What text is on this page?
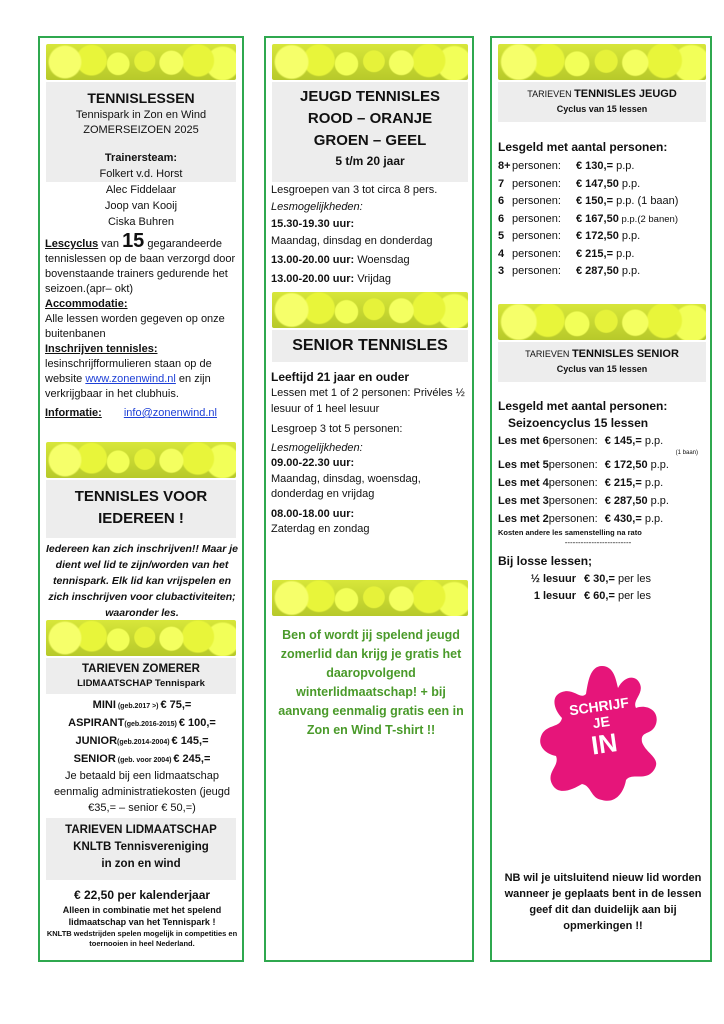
TENNISLESSEN
Tennispark in Zon en Wind
ZOMERSEIZOEN 2025
Trainersteam:
Folkert v.d. Horst
Alec Fiddelaar
Joop van Kooij
Ciska Buhren
Lescyclus van 15 gegarandeerde tennislessen op de baan verzorgd door bovenstaande trainers gedurende het seizoen.(apr– okt)
Accommodatie:
Alle lessen worden gegeven op onze buitenbanen
Inschrijven tennisles:
lesinschrijfformulieren staan op de website www.zonenwind.nl en zijn verkrijgbaar in het clubhuis.
Informatie: info@zonenwind.nl
TENNISLES VOOR
IEDEREEN !
Iedereen kan zich inschrijven!! Maar je dient wel lid te zijn/worden van het tennispark. Elk lid kan vrijspelen en zich inschrijven voor clubactiviteiten; waaronder les.
TARIEVEN ZOMERER
LIDMAATSCHAP Tennispark
MINI (geb.2017 >) € 75,=
ASPIRANT(geb.2016-2015) € 100,=
JUNIOR(geb.2014-2004) € 145,=
SENIOR (geb. voor 2004) € 245,=
Je betaald bij een lidmaatschap eenmalig administratiekosten (jeugd €35,= – senior € 50,=)
TARIEVEN LIDMAATSCHAP
KNLTB Tennisvereniging
in zon en wind
€ 22,50 per kalenderjaar
Alleen in combinatie met het spelend lidmaatschap van het Tennispark !
KNLTB wedstrijden spelen mogelijk in competities en toernooien in heel Nederland.
JEUGD TENNISLES
ROOD – ORANJE
GROEN – GEEL
5 t/m 20 jaar
Lesgroepen van 3 tot circa 8 pers.
Lesmogelijkheden:
15.30-19.30 uur:
Maandag, dinsdag en donderdag
13.00-20.00 uur: Woensdag
13.00-20.00 uur: Vrijdag
SENIOR TENNISLES
Leeftijd 21 jaar en ouder
Lessen met 1 of 2 personen: Privéles ½ lesuur of 1 heel lesuur
Lesgroep 3 tot 5 personen:
Lesmogelijkheden:
09.00-22.30 uur:
Maandag, dinsdag, woensdag, donderdag en vrijdag
08.00-18.00 uur:
Zaterdag en zondag
Ben of wordt jij spelend jeugd zomerlid dan krijg je gratis het daaropvolgend winterlidmaatschap! + bij aanvang eenmalig gratis een in Zon en Wind T-shirt !!
TARIEVEN TENNISLES JEUGD
Cyclus van 15 lessen
Lesgeld met aantal personen:
8+personen: € 130,= p.p.
7 personen: € 147,50 p.p.
6 personen: € 150,= p.p. (1 baan)
6 personen: € 167,50 p.p.(2 banen)
5 personen: € 172,50 p.p.
4 personen: € 215,= p.p.
3 personen: € 287,50 p.p.
TARIEVEN TENNISLES SENIOR
Cyclus van 15 lessen
Lesgeld met aantal personen:
Seizoencyclus 15 lessen
Les met 6personen: € 145,= p.p.
(1 baan)
Les met 5personen: € 172,50 p.p.
Les met 4personen: € 215,= p.p.
Les met 3personen: € 287,50 p.p.
Les met 2personen: € 430,= p.p.
Kosten andere les samenstelling na rato
-------------------------
Bij losse lessen;
½ lesuur € 30,= per les
1 lesuur € 60,= per les
SCHRIJF
JE
IN
NB wil je uitsluitend nieuw lid worden wanneer je geplaats bent in de lessen geef dit dan duidelijk aan bij opmerkingen !!
